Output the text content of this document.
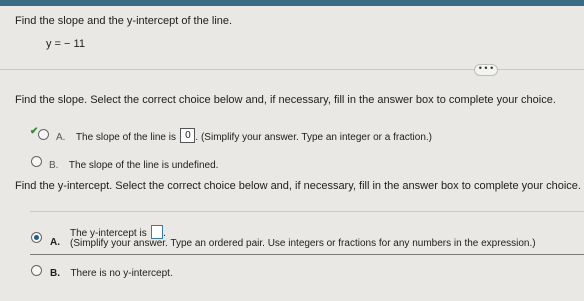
Find the slope and the y-intercept of the line.
y = − 11
• • •
Find the slope. Select the correct choice below and, if necessary, fill in the answer box to complete your choice.
✔
A. The slope of the line is 0 . (Simplify your answer. Type an integer or a fraction.)
B. The slope of the line is undefined.
Find the y-intercept. Select the correct choice below and, if necessary, fill in the answer box to complete your choice.
A.
The y-intercept is .
(Simplify your answer. Type an ordered pair. Use integers or fractions for any numbers in the expression.)
B. There is no y-intercept.
